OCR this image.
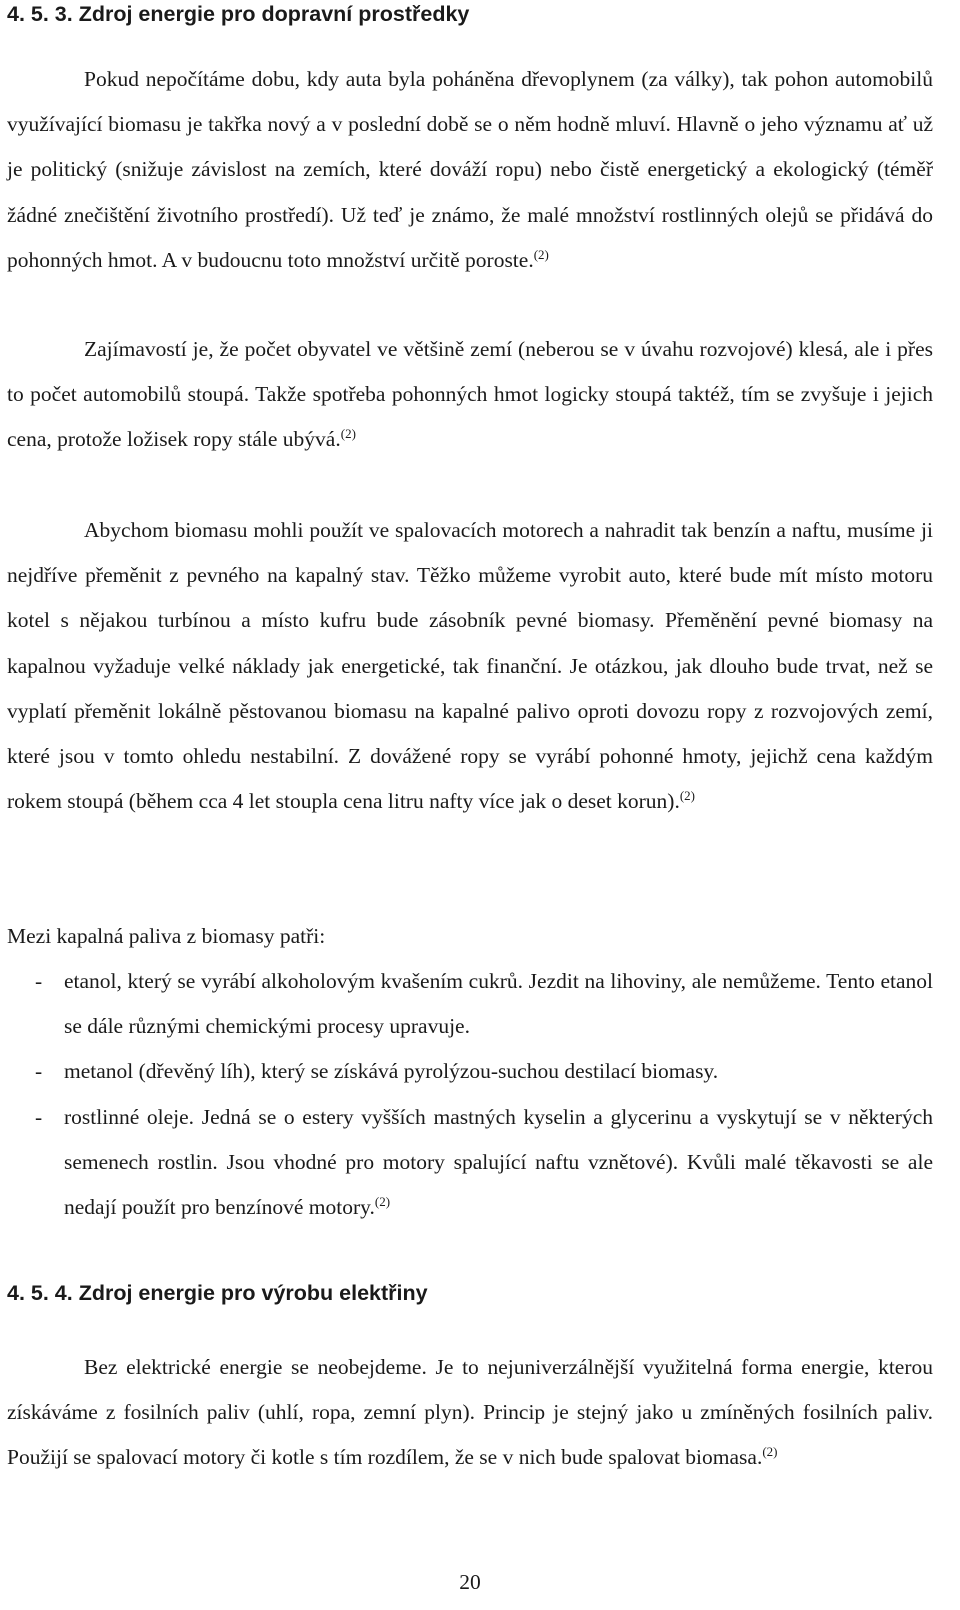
4. 5. 3. Zdroj energie pro dopravní prostředky

Pokud nepočítáme dobu, kdy auta byla poháněna dřevoplynem (za války), tak pohon automobilů využívající biomasu je takřka nový a v poslední době se o něm hodně mluví. Hlavně o jeho významu ať už je politický (snižuje závislost na zemích, které dováží ropu) nebo čistě energetický a ekologický (téměř žádné znečištění životního prostředí). Už teď je známo, že malé množství rostlinných olejů se přidává do pohonných hmot. A v budoucnu toto množství určitě poroste.$^{(2)}$

Zajímavostí je, že počet obyvatel ve většině zemí (neberou se v úvahu rozvojové) klesá, ale i přes to počet automobilů stoupá. Takže spotřeba pohonných hmot logicky stoupá taktéž, tím se zvyšuje i jejich cena, protože ložisek ropy stále ubývá.$^{(2)}$

Abychom biomasu mohli použít ve spalovacích motorech a nahradit tak benzín a naftu, musíme ji nejdříve přeměnit z pevného na kapalný stav. Těžko můžeme vyrobit auto, které bude mít místo motoru kotel s nějakou turbínou a místo kufru bude zásobník pevné biomasy. Přeměnění pevné biomasy na kapalnou vyžaduje velké náklady jak energetické, tak finanční. Je otázkou, jak dlouho bude trvat, než se vyplatí přeměnit lokálně pěstovanou biomasu na kapalné palivo oproti dovozu ropy z rozvojových zemí, které jsou v tomto ohledu nestabilní. Z dovážené ropy se vyrábí pohonné hmoty, jejichž cena každým rokem stoupá (během cca 4 let stoupla cena litru nafty více jak o deset korun).$^{(2)}$

Mezi kapalná paliva z biomasy patři:

- etanol, který se vyrábí alkoholovým kvašením cukrů. Jezdit na lihoviny, ale nemůžeme. Tento etanol se dále různými chemickými procesy upravuje.
- metanol (dřevěný líh), který se získává pyrolýzou-suchou destilací biomasy.
- rostlinné oleje. Jedná se o estery vyšších mastných kyselin a glycerinu a vyskytují se v některých semenech rostlin. Jsou vhodné pro motory spalující naftu vznětové). Kvůli malé těkavosti se ale nedají použít pro benzínové motory.$^{(2)}$
4. 5. 4. Zdroj energie pro výrobu elektřiny

Bez elektrické energie se neobejdeme. Je to nejuniverzálnější využitelná forma energie, kterou získáváme z fosilních paliv (uhlí, ropa, zemní plyn). Princip je stejný jako u zmíněných fosilních paliv. Použijí se spalovací motory či kotle s tím rozdílem, že se v nich bude spalovat biomasa.$^{(2)}$

20
